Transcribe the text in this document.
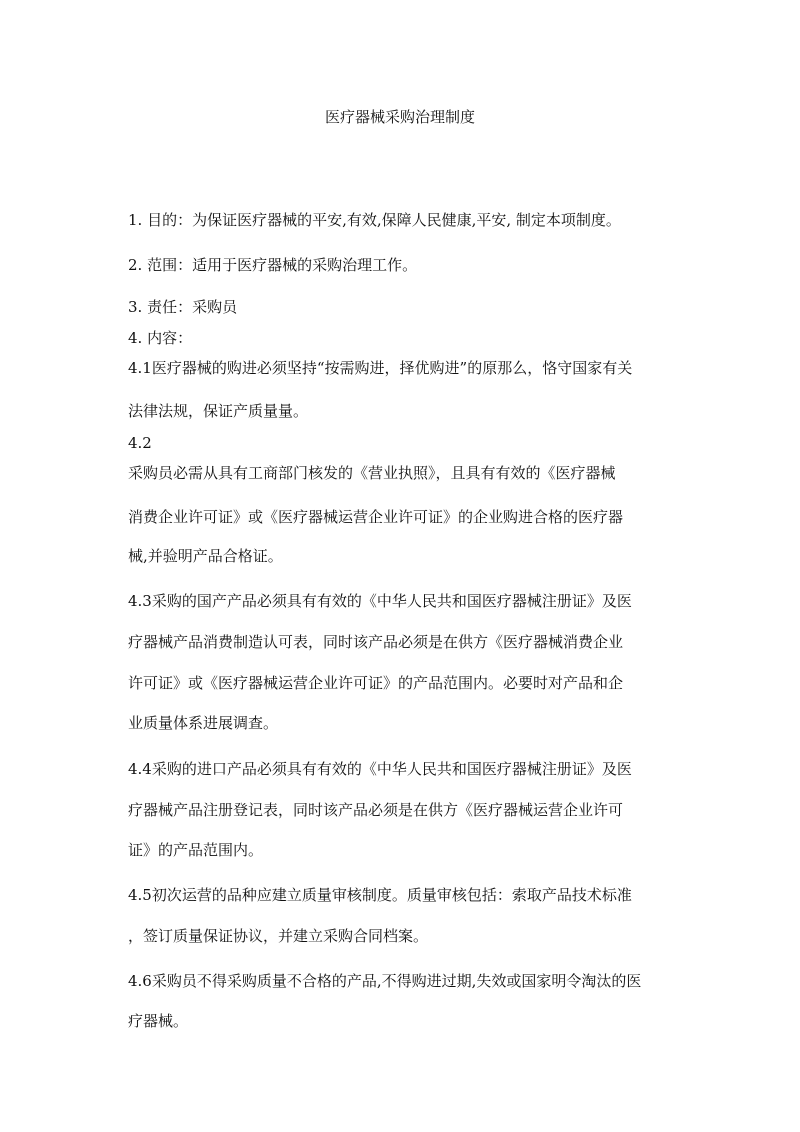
医疗器械采购治理制度

1. 目的：为保证医疗器械的平安,有效,保障人民健康,平安, 制定本项制度。

2. 范围：适用于医疗器械的采购治理工作。

3. 责任：采购员

4. 内容：

4.1医疗器械的购进必须坚持“按需购进，择优购进”的原那么，恪守国家有关

法律法规，保证产质量量。

4.2

采购员必需从具有工商部门核发的《营业执照》，且具有有效的《医疗器械

消费企业许可证》或《医疗器械运营企业许可证》的企业购进合格的医疗器

械,并验明产品合格证。

4.3采购的国产产品必须具有有效的《中华人民共和国医疗器械注册证》及医

疗器械产品消费制造认可表，同时该产品必须是在供方《医疗器械消费企业

许可证》或《医疗器械运营企业许可证》的产品范围内。必要时对产品和企

业质量体系进展调查。

4.4采购的进口产品必须具有有效的《中华人民共和国医疗器械注册证》及医

疗器械产品注册登记表，同时该产品必须是在供方《医疗器械运营企业许可

证》的产品范围内。

4.5初次运营的品种应建立质量审核制度。质量审核包括：索取产品技术标准

，签订质量保证协议，并建立采购合同档案。

4.6采购员不得采购质量不合格的产品,不得购进过期,失效或国家明令淘汰的医

疗器械。
